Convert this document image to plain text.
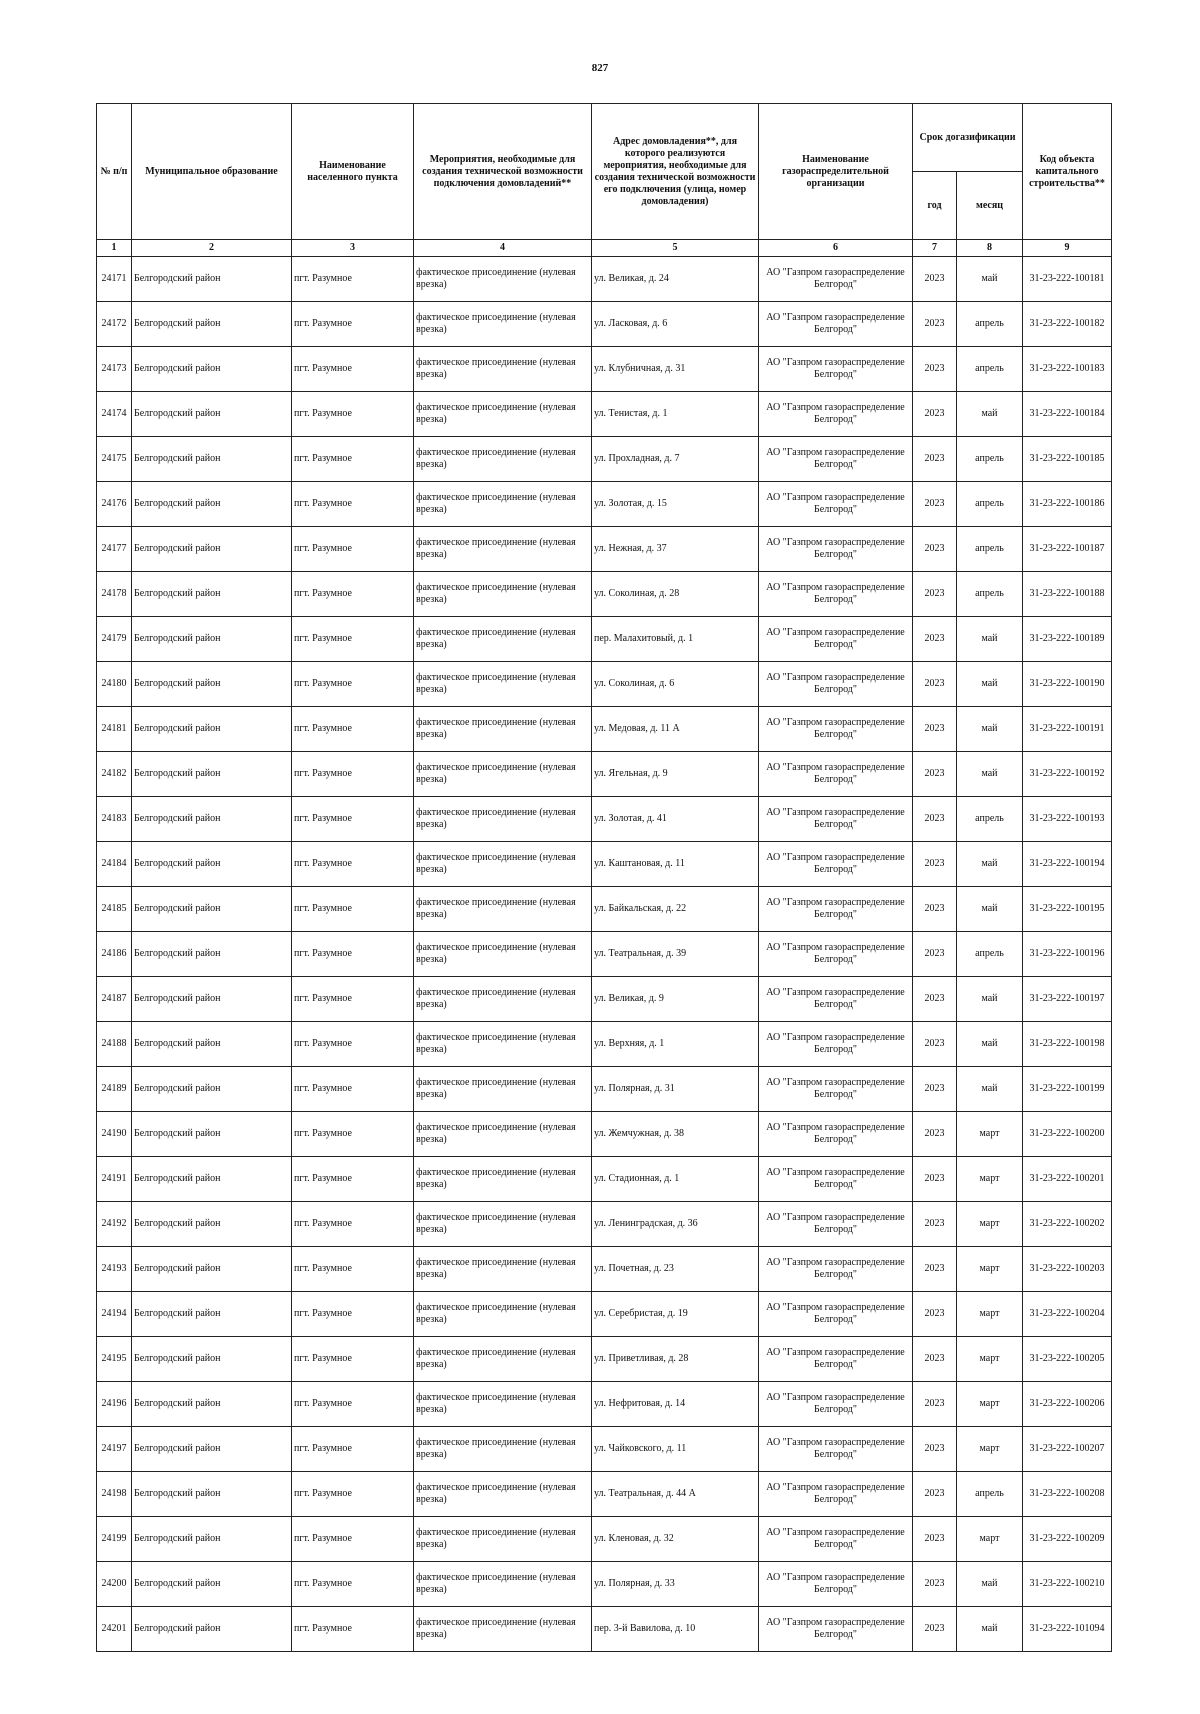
827
№ п/п	Муниципальное образование	Наименование населенного пункта	Мероприятия, необходимые для создания технической возможности подключения домовладений**	Адрес домовладения**, для которого реализуются мероприятия, необходимые для создания технической возможности его подключения (улица, номер домовладения)	Наименование газораспределительной организации	Срок догазификации		Код объекта капитального строительства**
						год	месяц	
1	2	3	4	5	6	7	8	9
24171	Белгородский район	пгт. Разумное	фактическое присоединение (нулевая врезка)	ул. Великая, д. 24	АО "Газпром газораспределение Белгород"	2023	май	31-23-222-100181
24172	Белгородский район	пгт. Разумное	фактическое присоединение (нулевая врезка)	ул. Ласковая, д. 6	АО "Газпром газораспределение Белгород"	2023	апрель	31-23-222-100182
24173	Белгородский район	пгт. Разумное	фактическое присоединение (нулевая врезка)	ул. Клубничная, д. 31	АО "Газпром газораспределение Белгород"	2023	апрель	31-23-222-100183
24174	Белгородский район	пгт. Разумное	фактическое присоединение (нулевая врезка)	ул. Тенистая, д. 1	АО "Газпром газораспределение Белгород"	2023	май	31-23-222-100184
24175	Белгородский район	пгт. Разумное	фактическое присоединение (нулевая врезка)	ул. Прохладная, д. 7	АО "Газпром газораспределение Белгород"	2023	апрель	31-23-222-100185
24176	Белгородский район	пгт. Разумное	фактическое присоединение (нулевая врезка)	ул. Золотая, д. 15	АО "Газпром газораспределение Белгород"	2023	апрель	31-23-222-100186
24177	Белгородский район	пгт. Разумное	фактическое присоединение (нулевая врезка)	ул. Нежная, д. 37	АО "Газпром газораспределение Белгород"	2023	апрель	31-23-222-100187
24178	Белгородский район	пгт. Разумное	фактическое присоединение (нулевая врезка)	ул. Соколиная, д. 28	АО "Газпром газораспределение Белгород"	2023	апрель	31-23-222-100188
24179	Белгородский район	пгт. Разумное	фактическое присоединение (нулевая врезка)	пер. Малахитовый, д. 1	АО "Газпром газораспределение Белгород"	2023	май	31-23-222-100189
24180	Белгородский район	пгт. Разумное	фактическое присоединение (нулевая врезка)	ул. Соколиная, д. 6	АО "Газпром газораспределение Белгород"	2023	май	31-23-222-100190
24181	Белгородский район	пгт. Разумное	фактическое присоединение (нулевая врезка)	ул. Медовая, д. 11 А	АО "Газпром газораспределение Белгород"	2023	май	31-23-222-100191
24182	Белгородский район	пгт. Разумное	фактическое присоединение (нулевая врезка)	ул. Ягельная, д. 9	АО "Газпром газораспределение Белгород"	2023	май	31-23-222-100192
24183	Белгородский район	пгт. Разумное	фактическое присоединение (нулевая врезка)	ул. Золотая, д. 41	АО "Газпром газораспределение Белгород"	2023	апрель	31-23-222-100193
24184	Белгородский район	пгт. Разумное	фактическое присоединение (нулевая врезка)	ул. Каштановая, д. 11	АО "Газпром газораспределение Белгород"	2023	май	31-23-222-100194
24185	Белгородский район	пгт. Разумное	фактическое присоединение (нулевая врезка)	ул. Байкальская, д. 22	АО "Газпром газораспределение Белгород"	2023	май	31-23-222-100195
24186	Белгородский район	пгт. Разумное	фактическое присоединение (нулевая врезка)	ул. Театральная, д. 39	АО "Газпром газораспределение Белгород"	2023	апрель	31-23-222-100196
24187	Белгородский район	пгт. Разумное	фактическое присоединение (нулевая врезка)	ул. Великая, д. 9	АО "Газпром газораспределение Белгород"	2023	май	31-23-222-100197
24188	Белгородский район	пгт. Разумное	фактическое присоединение (нулевая врезка)	ул. Верхняя, д. 1	АО "Газпром газораспределение Белгород"	2023	май	31-23-222-100198
24189	Белгородский район	пгт. Разумное	фактическое присоединение (нулевая врезка)	ул. Полярная, д. 31	АО "Газпром газораспределение Белгород"	2023	май	31-23-222-100199
24190	Белгородский район	пгт. Разумное	фактическое присоединение (нулевая врезка)	ул. Жемчужная, д. 38	АО "Газпром газораспределение Белгород"	2023	март	31-23-222-100200
24191	Белгородский район	пгт. Разумное	фактическое присоединение (нулевая врезка)	ул. Стадионная, д. 1	АО "Газпром газораспределение Белгород"	2023	март	31-23-222-100201
24192	Белгородский район	пгт. Разумное	фактическое присоединение (нулевая врезка)	ул. Ленинградская, д. 36	АО "Газпром газораспределение Белгород"	2023	март	31-23-222-100202
24193	Белгородский район	пгт. Разумное	фактическое присоединение (нулевая врезка)	ул. Почетная, д. 23	АО "Газпром газораспределение Белгород"	2023	март	31-23-222-100203
24194	Белгородский район	пгт. Разумное	фактическое присоединение (нулевая врезка)	ул. Серебристая, д. 19	АО "Газпром газораспределение Белгород"	2023	март	31-23-222-100204
24195	Белгородский район	пгт. Разумное	фактическое присоединение (нулевая врезка)	ул. Приветливая, д. 28	АО "Газпром газораспределение Белгород"	2023	март	31-23-222-100205
24196	Белгородский район	пгт. Разумное	фактическое присоединение (нулевая врезка)	ул. Нефритовая, д. 14	АО "Газпром газораспределение Белгород"	2023	март	31-23-222-100206
24197	Белгородский район	пгт. Разумное	фактическое присоединение (нулевая врезка)	ул. Чайковского, д. 11	АО "Газпром газораспределение Белгород"	2023	март	31-23-222-100207
24198	Белгородский район	пгт. Разумное	фактическое присоединение (нулевая врезка)	ул. Театральная, д. 44 А	АО "Газпром газораспределение Белгород"	2023	апрель	31-23-222-100208
24199	Белгородский район	пгт. Разумное	фактическое присоединение (нулевая врезка)	ул. Кленовая, д. 32	АО "Газпром газораспределение Белгород"	2023	март	31-23-222-100209
24200	Белгородский район	пгт. Разумное	фактическое присоединение (нулевая врезка)	ул. Полярная, д. 33	АО "Газпром газораспределение Белгород"	2023	май	31-23-222-100210
24201	Белгородский район	пгт. Разумное	фактическое присоединение (нулевая врезка)	пер. 3-й Вавилова, д. 10	АО "Газпром газораспределение Белгород"	2023	май	31-23-222-101094
